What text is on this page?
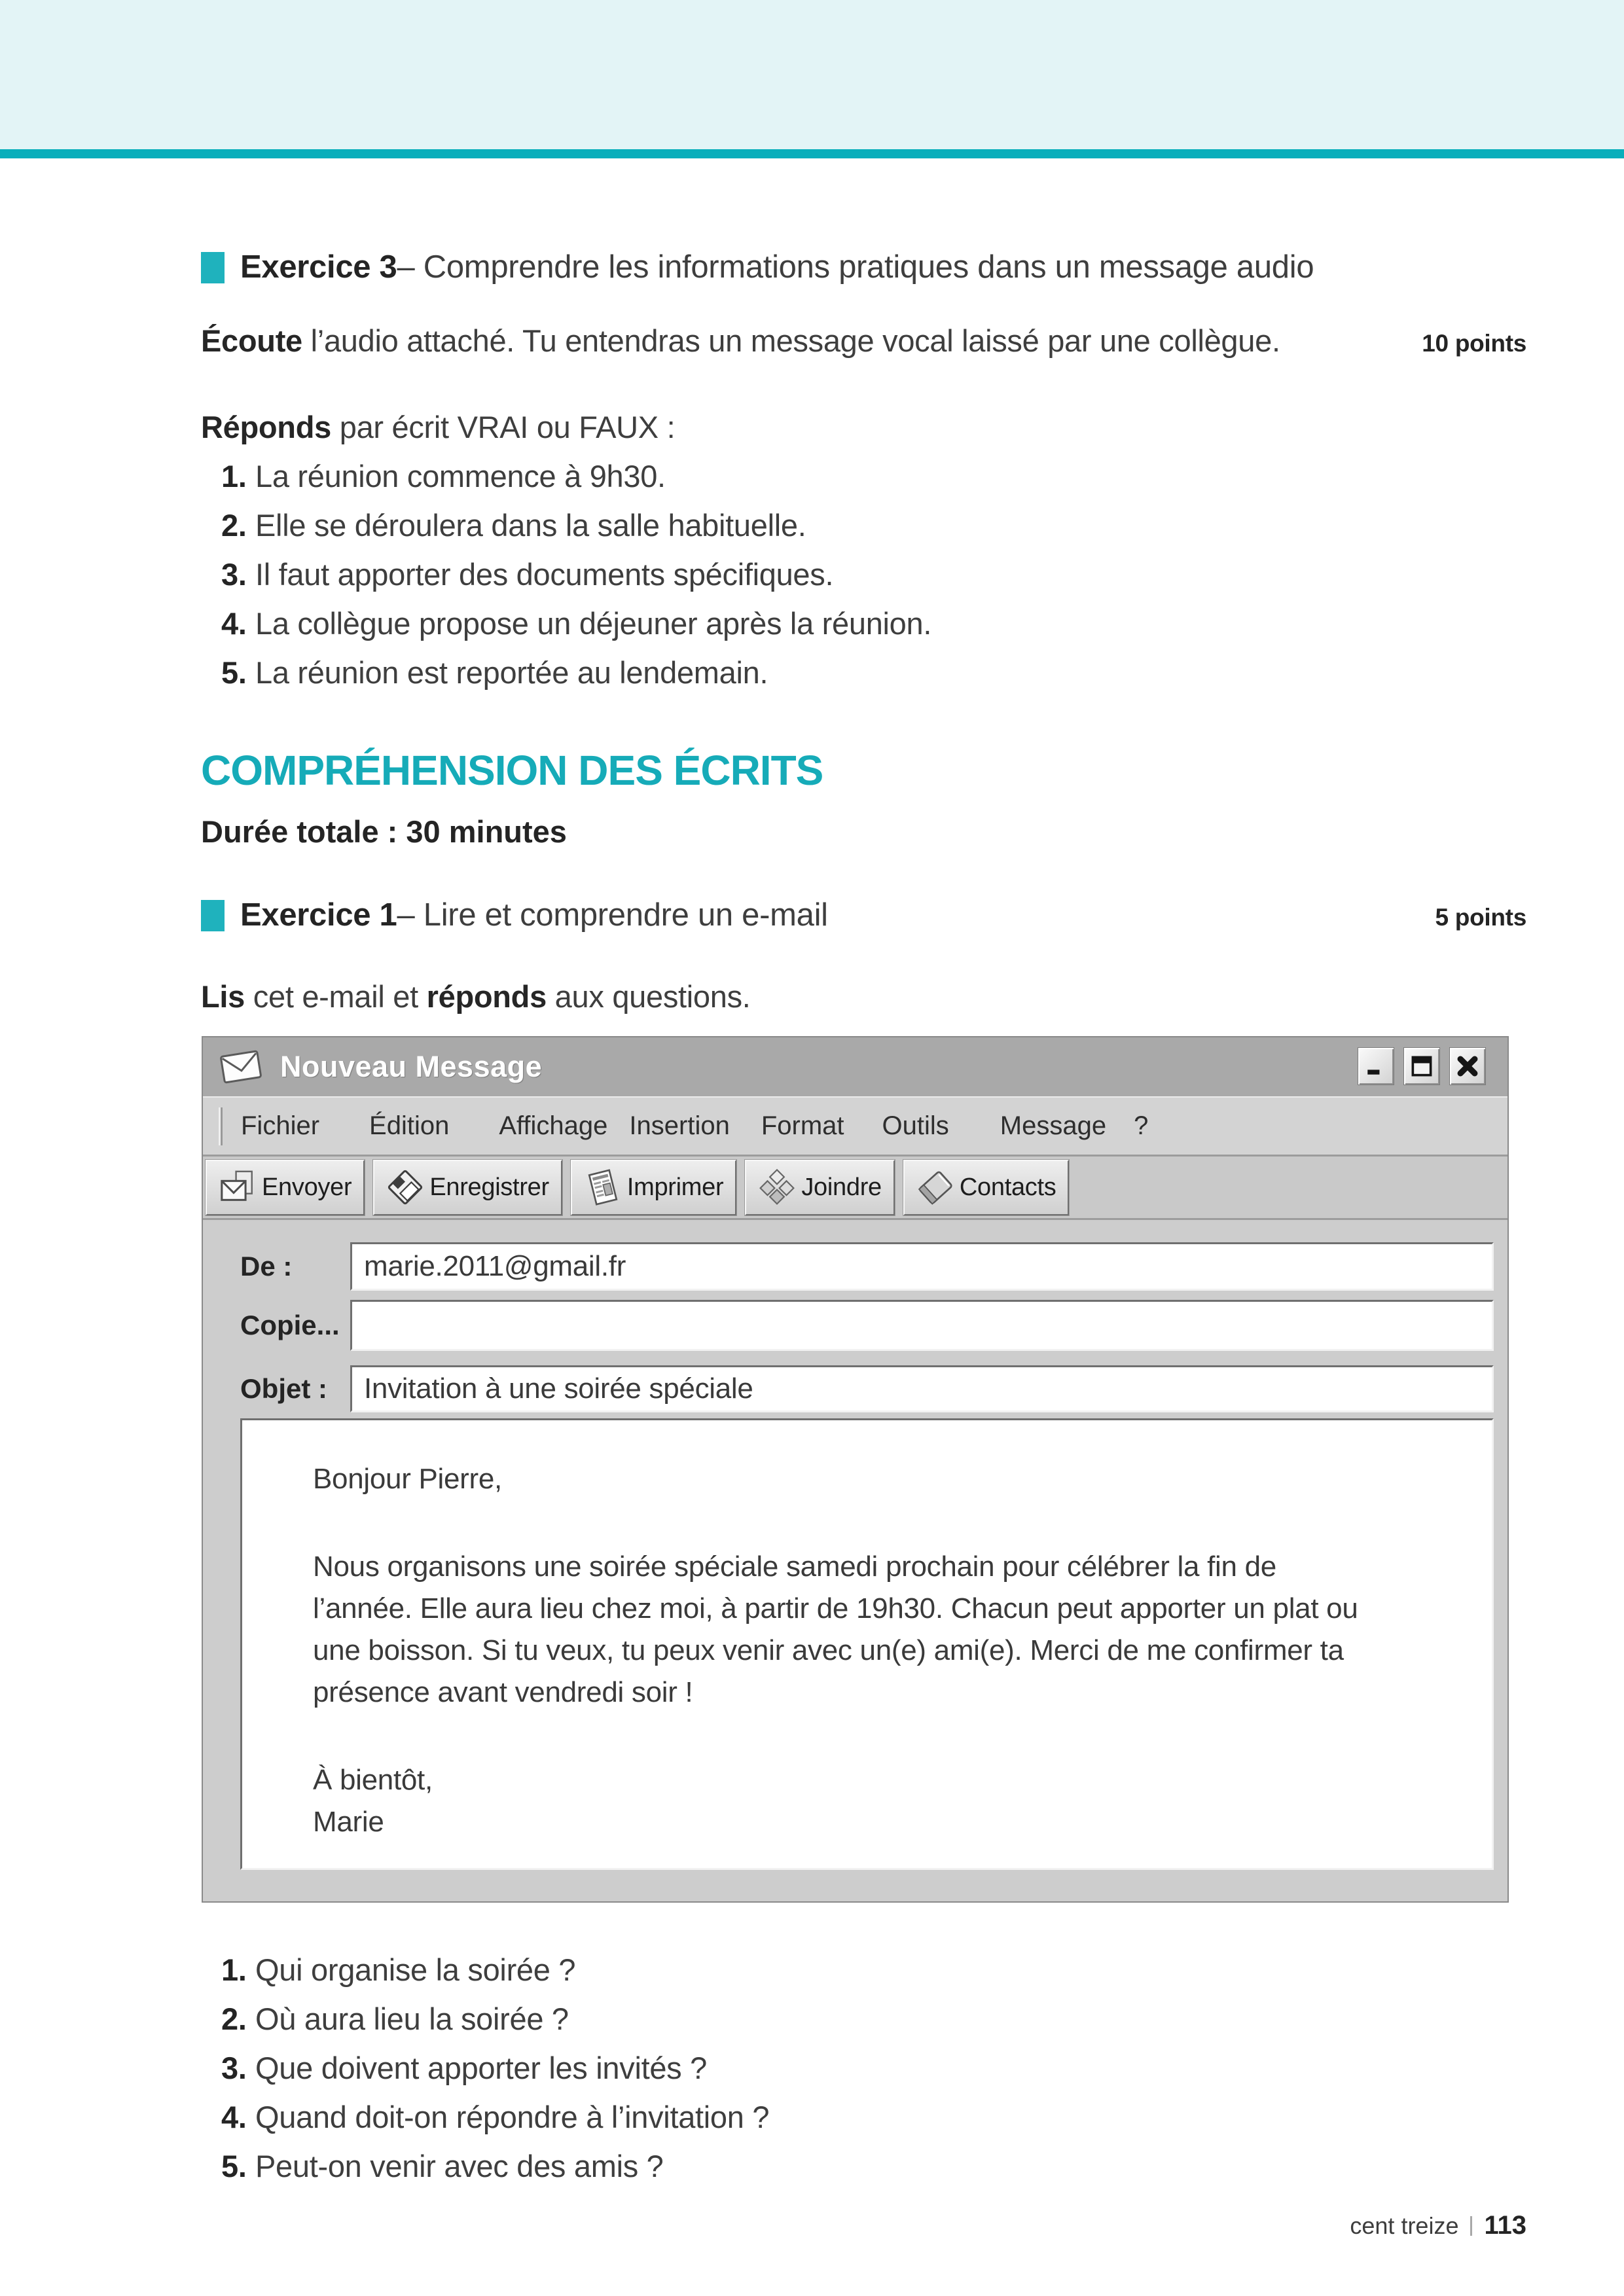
Exercice 3 – Comprendre les informations pratiques dans un message audio
Écoute l’audio attaché. Tu entendras un message vocal laissé par une collègue.	10 points
Réponds par écrit VRAI ou FAUX :
1. La réunion commence à 9h30.
2. Elle se déroulera dans la salle habituelle.
3. Il faut apporter des documents spécifiques.
4. La collègue propose un déjeuner après la réunion.
5. La réunion est reportée au lendemain.
COMPRÉHENSION DES ÉCRITS
Durée totale : 30 minutes
Exercice 1 – Lire et comprendre un e-mail	5 points
Lis cet e-mail et réponds aux questions.
Nouveau Message
Fichier Édition Affichage Insertion Format Outils Message ?
Envoyer	Enregistrer	Imprimer	Joindre	Contacts
De :	marie.2011@gmail.fr
Copie...
Objet :	Invitation à une soirée spéciale
Bonjour Pierre,
Nous organisons une soirée spéciale samedi prochain pour célébrer la fin de
l’année. Elle aura lieu chez moi, à partir de 19h30. Chacun peut apporter un plat ou
une boisson. Si tu veux, tu peux venir avec un(e) ami(e). Merci de me confirmer ta
présence avant vendredi soir !
À bientôt,
Marie
1. Qui organise la soirée ?
2. Où aura lieu la soirée ?
3. Que doivent apporter les invités ?
4. Quand doit-on répondre à l’invitation ?
5. Peut-on venir avec des amis ?
cent treize 113
